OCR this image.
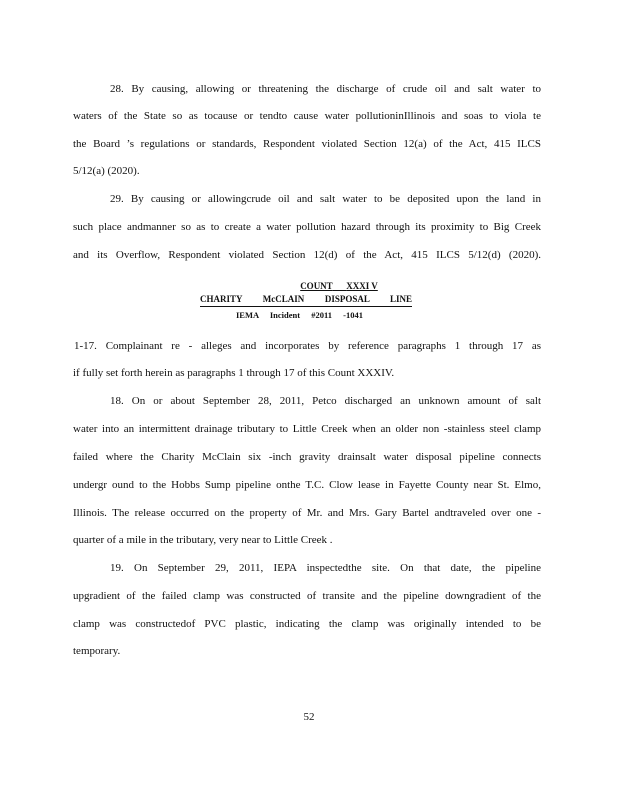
28. By causing, allowing or threatening the discharge of crude oil and salt water to
waters of the State so as tocause or tendto cause water pollutioninIllinois and soas to viola te
the Board ’s regulations or standards, Respondent violated Section 12(a) of the Act, 415 ILCS
5/12(a) (2020).
29. By causing or allowingcrude oil and salt water to be deposited upon the land in
such place andmanner so as to create a water pollution hazard through its proximity to Big Creek
and its Overflow, Respondent violated Section 12(d) of the Act, 415 ILCS 5/12(d) (2020).
COUNT XXXI V
CHARITY McCLAIN DISPOSAL LINE
IEMA Incident #2011 -1041
1-17. Complainant re - alleges and incorporates by reference paragraphs 1 through 17 as
if fully set forth herein as paragraphs 1 through 17 of this Count XXXIV.
18. On or about September 28, 2011, Petco discharged an unknown amount of salt
water into an intermittent drainage tributary to Little Creek when an older non -stainless steel clamp
failed where the Charity McClain six -inch gravity drainsalt water disposal pipeline connects
undergr ound to the Hobbs Sump pipeline onthe T.C. Clow lease in Fayette County near St. Elmo,
Illinois. The release occurred on the property of Mr. and Mrs. Gary Bartel andtraveled over one -
quarter of a mile in the tributary, very near to Little Creek .
19. On September 29, 2011, IEPA inspectedthe site. On that date, the pipeline
upgradient of the failed clamp was constructed of transite and the pipeline downgradient of the
clamp was constructedof PVC plastic, indicating the clamp was originally intended to be
temporary.
52
